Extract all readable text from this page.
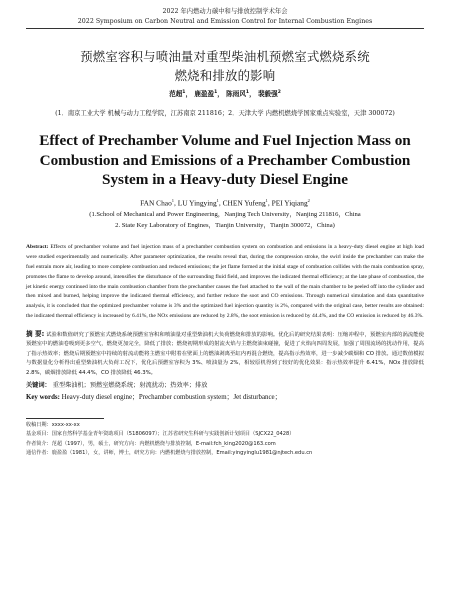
2022 年内燃动力碳中和与排放控制学术年会
2022 Symposium on Carbon Neutral and Emission Control for Internal Combustion Engines
预燃室容积与喷油量对重型柴油机预燃室式燃烧系统
燃烧和排放的影响
范超$^1$， 鹿盈盈$^1$， 陈雨风$^1$， 裴毅强$^2$
(1．南京工业大学 机械与动力工程学院，江苏南京 211816；2．天津大学 内燃机燃烧学国家重点实验室，天津 300072)
Effect of Prechamber Volume and Fuel Injection Mass on
Combustion and Emissions of a Prechamber Combustion
System in a Heavy-duty Diesel Engine
FAN Chao$^1$, LU Yingying$^1$, CHEN Yufeng$^1$, PEI Yiqiang$^2$
(1.School of Mechanical and Power Engineering，Nanjing Tech University，Nanjing 211816，China
2. State Key Laboratory of Engines，Tianjin University，Tianjin 300072，China)
Abstract: Effects of prechamber volume and fuel injection mass of a prechamber combustion system on combustion and emissions in a heavy-duty diesel engine at high load were studied experimentally and numerically. After parameter optimization, the results reveal that, during the compression stroke, the swirl inside the prechamber can make the fuel entrain more air, leading to more complete combustion and reduced emissions; the jet flame formed at the initial stage of combustion collides with the main combustion spray, promotes the flame to develop around, intensifies the disturbance of the surrounding fluid field, and improves the indicated thermal efficiency; at the late phase of combustion, the jet kinetic energy continued into the main combustion chamber from the prechamber causes the fuel attached to the wall of the main chamber to be peeled off into the cylinder and then mixed and burned, helping improve the indicated thermal efficiency, and further reduce the soot and CO emissions. Through numerical simulation and data quantitative analysis, it is concluded that the optimized prechamber volume is 3% and the optimized fuel injection quantity is 2%, compared with the original case, better results are obtained: the indicated thermal efficiency is increased by 6.41%, the NOx emissions are reduced by 2.8%, the soot emission is reduced by 44.4%, and the CO emission is reduced by 46.3%.
摘 要: 试验和数值研究了预燃室式燃烧系统预燃室容积和喷油量对重型柴油机大负荷燃烧和排放的影响。优化后的研究结果表明：压缩冲程中，预燃室内部的涡流能使预燃室中的燃油卷吸到更多空气，燃烧更加完全，降低了排放；燃烧初期形成的射流火焰与主燃烧油束碰撞，促进了火焰向四周发展，加强了周围流场的扰动作用，提高了指示热效率；燃烧后期预燃室中持续的射流动能将主燃室中附着在壁面上的燃油剥离至缸内再混合燃烧，提高指示热效率，进一步减少碳烟和 CO 排放。通过数值模拟与数据量化分析得出重型柴油机大负荷工况下，优化后预燃室容积为 3%、喷油量为 2%，相较原机得到了较好的优化效果：指示热效率提升 6.41%，NOx 排放降低 2.8%，碳烟排放降低 44.4%，CO 排放降低 46.3%。
关键词： 重型柴油机；预燃室燃烧系统；射流扰动；热效率；排放
Key words: Heavy-duty diesel engine；Prechamber combustion system；Jet disturbance；
收稿日期：xxxx-xx-xx
基金项目：国家自然科学基金青年资助项目（51806097）；江苏省研究生科研与实践创新计划项目（SJCX22_0428）
作者简介：范超（1997），男，硕士，研究方向：内燃机燃烧与排放控制，E-mail:fch_king2020@163.com
通信作者：鹿盈盈（1981），女，讲师，博士，研究方向：内燃机燃烧与排放控制，Email:yingyinglu1981@njtech.edu.cn
